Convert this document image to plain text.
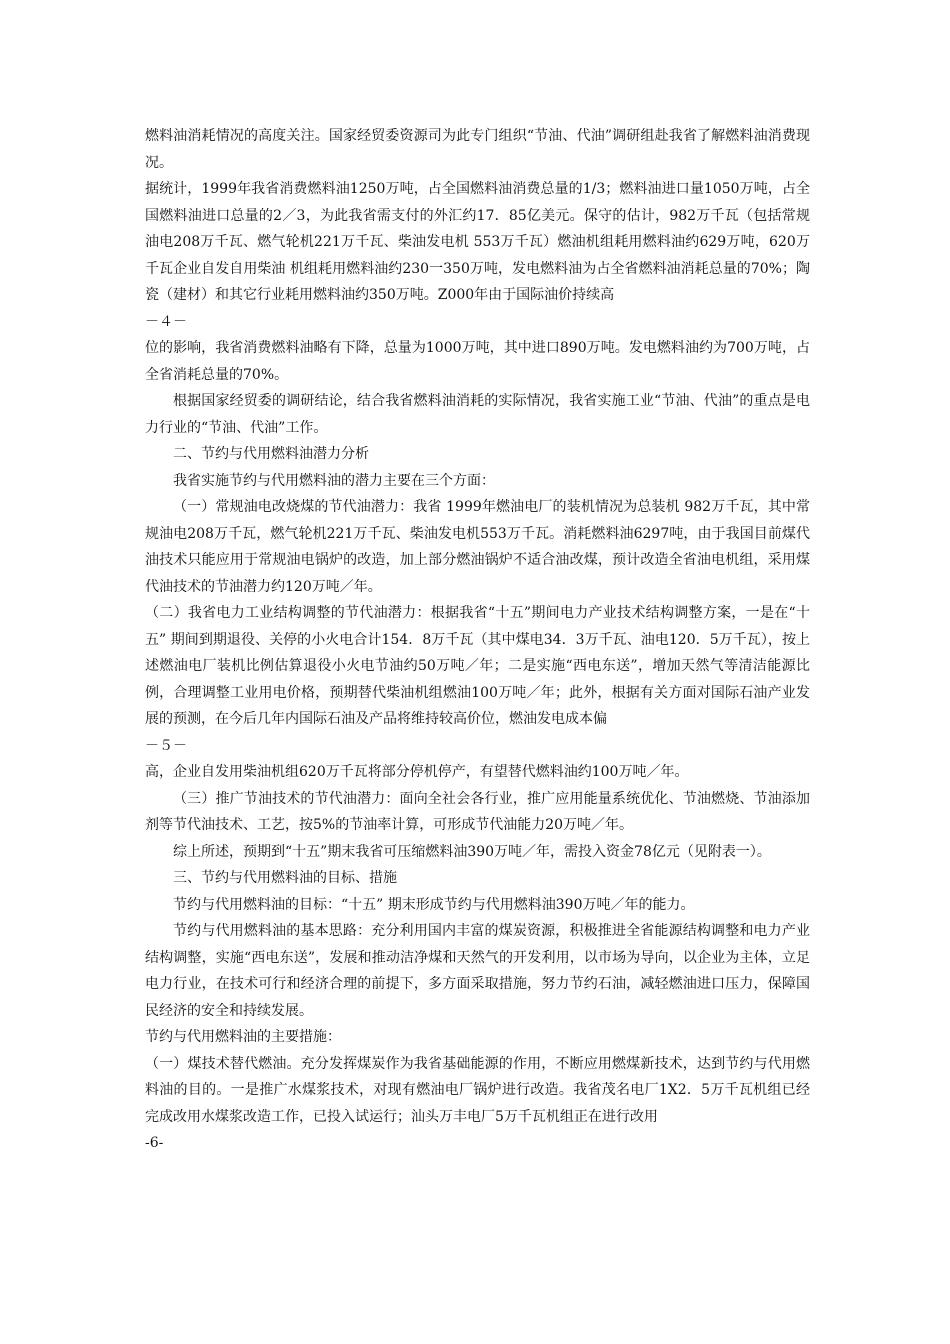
燃料油消耗情况的高度关注。国家经贸委资源司为此专门组织“节油、代油”调研组赴我省了解燃料油消费现况。

据统计，1999年我省消费燃料油1250万吨，占全国燃料油消费总量的1/3；燃料油进口量1050万吨，占全国燃料油进口总量的2／3，为此我省需支付的外汇约17．85亿美元。保守的估计，982万千瓦（包括常规油电208万千瓦、燃气轮机221万千瓦、柴油发电机 553万千瓦）燃油机组耗用燃料油约629万吨，620万千瓦企业自发自用柴油 机组耗用燃料油约230一350万吨，发电燃料油为占全省燃料油消耗总量的70%；陶瓷（建材）和其它行业耗用燃料油约350万吨。Z000年由于国际油价持续高

－４－

位的影响，我省消费燃料油略有下降，总量为1000万吨，其中进口890万吨。发电燃料油约为700万吨，占全省消耗总量的70%。

根据国家经贸委的调研结论，结合我省燃料油消耗的实际情况，我省实施工业“节油、代油”的重点是电力行业的“节油、代油”工作。

二、节约与代用燃料油潜力分析

我省实施节约与代用燃料油的潜力主要在三个方面：

（一）常规油电改烧煤的节代油潜力：我省 1999年燃油电厂的装机情况为总装机 982万千瓦，其中常规油电208万千瓦，燃气轮机221万千瓦、柴油发电机553万千瓦。消耗燃料油6297吨，由于我国目前煤代油技术只能应用于常规油电锅炉的改造，加上部分燃油锅炉不适合油改煤，预计改造全省油电机组，采用煤代油技术的节油潜力约120万吨／年。

（二）我省电力工业结构调整的节代油潜力：根据我省“十五”期间电力产业技术结构调整方案，一是在“十五” 期间到期退役、关停的小火电合计154．8万千瓦（其中煤电34．3万千瓦、油电120．5万千瓦），按上述燃油电厂装机比例估算退役小火电节油约50万吨／年；二是实施“西电东送”，增加天然气等清洁能源比例，合理调整工业用电价格，预期替代柴油机组燃油100万吨／年；此外，根据有关方面对国际石油产业发展的预测，在今后几年内国际石油及产品将维持较高价位，燃油发电成本偏

－５－

高，企业自发用柴油机组620万千瓦将部分停机停产，有望替代燃料油约100万吨／年。

（三）推广节油技术的节代油潜力：面向全社会各行业，推广应用能量系统优化、节油燃烧、节油添加剂等节代油技术、工艺，按5%的节油率计算，可形成节代油能力20万吨／年。

综上所述，预期到“十五”期末我省可压缩燃料油390万吨／年，需投入资金78亿元（见附表一）。

三、节约与代用燃料油的目标、措施

节约与代用燃料油的目标：“十五” 期末形成节约与代用燃料油390万吨／年的能力。

节约与代用燃料油的基本思路：充分利用国内丰富的煤炭资源，积极推进全省能源结构调整和电力产业结构调整，实施“西电东送”，发展和推动洁净煤和天然气的开发利用，以市场为导向，以企业为主体，立足电力行业，在技术可行和经济合理的前提下，多方面采取措施，努力节约石油，减轻燃油进口压力，保障国民经济的安全和持续发展。

节约与代用燃料油的主要措施：

（一）煤技术替代燃油。充分发挥煤炭作为我省基础能源的作用，不断应用燃煤新技术，达到节约与代用燃料油的目的。一是推广水煤浆技术，对现有燃油电厂锅炉进行改造。我省茂名电厂1X2．5万千瓦机组已经完成改用水煤浆改造工作，已投入试运行；汕头万丰电厂5万千瓦机组正在进行改用

-6-
